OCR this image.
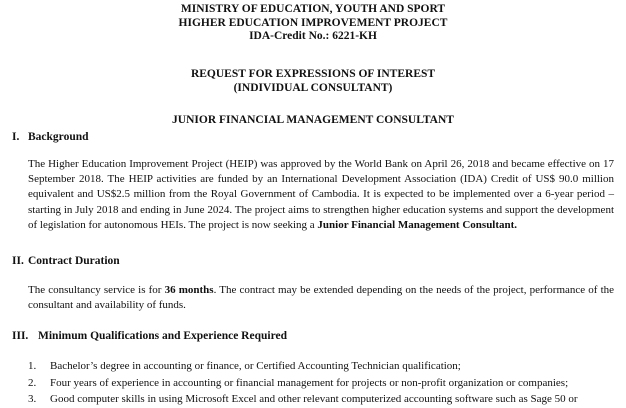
MINISTRY OF EDUCATION, YOUTH AND SPORT
HIGHER EDUCATION IMPROVEMENT PROJECT
IDA-Credit No.: 6221-KH
REQUEST FOR EXPRESSIONS OF INTEREST
(INDIVIDUAL CONSULTANT)
JUNIOR FINANCIAL MANAGEMENT CONSULTANT
I. Background
The Higher Education Improvement Project (HEIP) was approved by the World Bank on April 26, 2018 and became effective on 17 September 2018. The HEIP activities are funded by an International Development Association (IDA) Credit of US$ 90.0 million equivalent and US$2.5 million from the Royal Government of Cambodia. It is expected to be implemented over a 6-year period – starting in July 2018 and ending in June 2024. The project aims to strengthen higher education systems and support the development of legislation for autonomous HEIs. The project is now seeking a Junior Financial Management Consultant.
II. Contract Duration
The consultancy service is for 36 months. The contract may be extended depending on the needs of the project, performance of the consultant and availability of funds.
III. Minimum Qualifications and Experience Required
1.	Bachelor’s degree in accounting or finance, or Certified Accounting Technician qualification;
2.	Four years of experience in accounting or financial management for projects or non-profit organization or companies;
3.	Good computer skills in using Microsoft Excel and other relevant computerized accounting software such as Sage 50 or
